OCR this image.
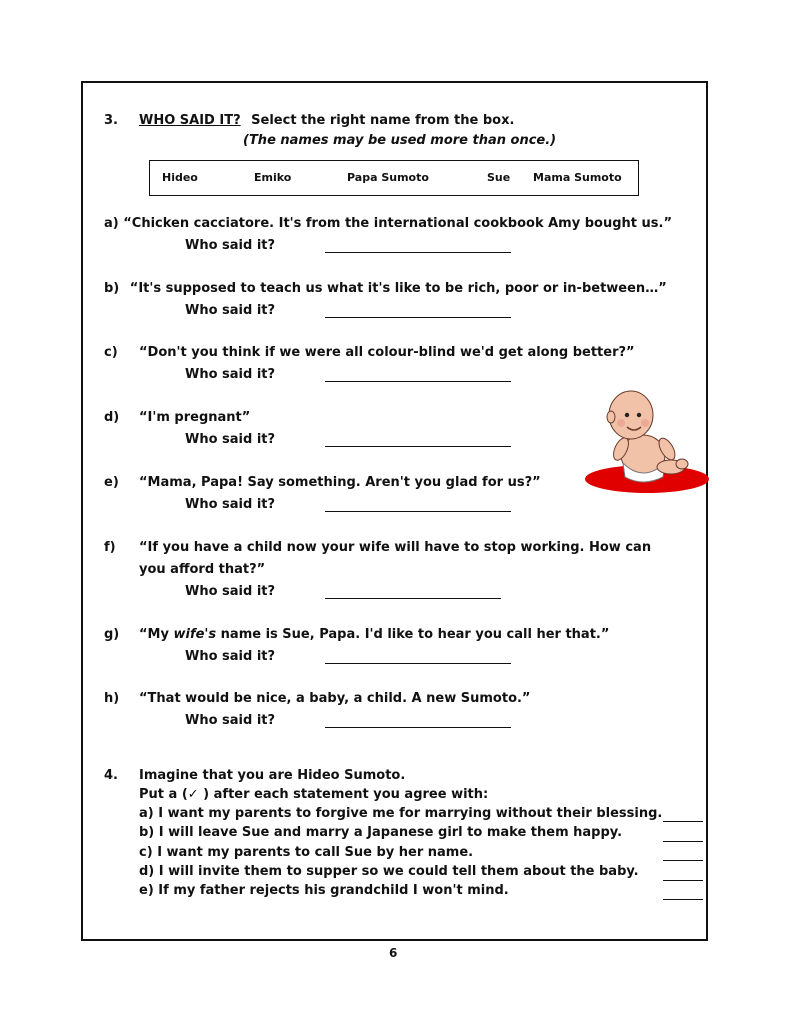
3. WHO SAID IT? Select the right name from the box.
(The names may be used more than once.)
Hideo	Emiko	Papa Sumoto	Sue Mama Sumoto
a) “Chicken cacciatore. It's from the international cookbook Amy bought us.”
Who said it?
b) “It's supposed to teach us what it's like to be rich, poor or in-between…”
Who said it?
c) “Don't you think if we were all colour-blind we'd get along better?”
Who said it?
d) “I'm pregnant”
Who said it?
e) “Mama, Papa! Say something. Aren't you glad for us?”
Who said it?
f) “If you have a child now your wife will have to stop working. How can
you afford that?”
Who said it?
g) “My wife's name is Sue, Papa. I'd like to hear you call her that.”
Who said it?
h) “That would be nice, a baby, a child. A new Sumoto.”
Who said it?
4. Imagine that you are Hideo Sumoto.
Put a (✓ ) after each statement you agree with:
a) I want my parents to forgive me for marrying without their blessing.
b) I will leave Sue and marry a Japanese girl to make them happy.
c) I want my parents to call Sue by her name.
d) I will invite them to supper so we could tell them about the baby.
e) If my father rejects his grandchild I won't mind.
6
